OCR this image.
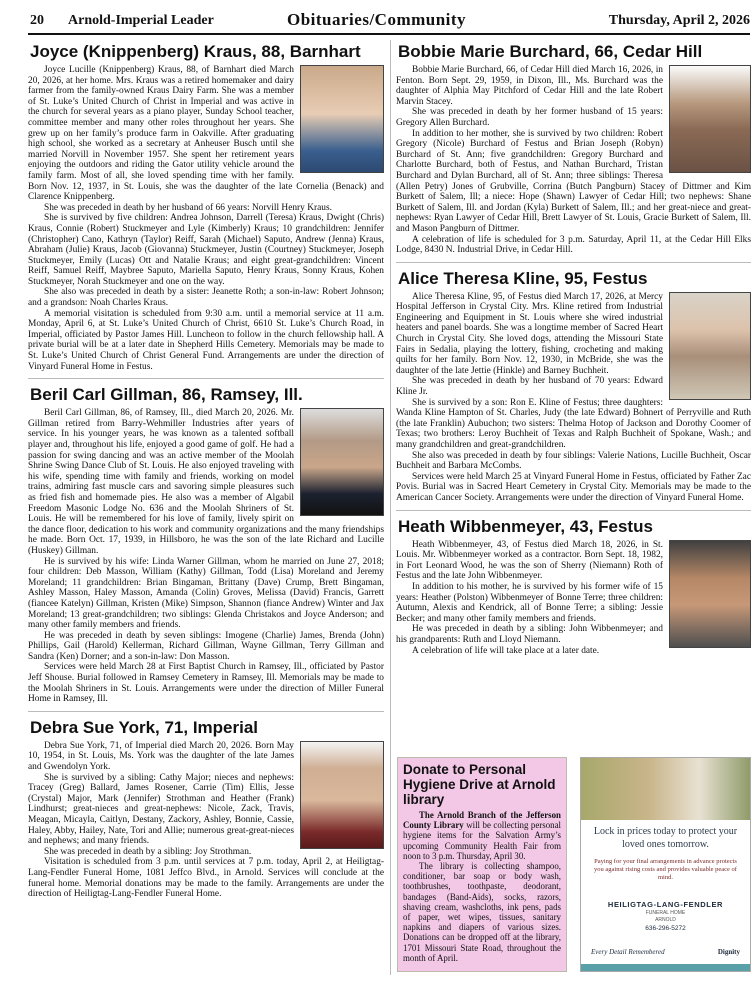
20 Arnold-Imperial Leader	Obituaries/Community	Thursday, April 2, 2026
Joyce (Knippenberg) Kraus, 88, Barnhart

Joyce Lucille (Knippenberg) Kraus, 88, of Barnhart died March 20, 2026, at her home. Mrs. Kraus was a retired homemaker and dairy farmer from the family-owned Kraus Dairy Farm. She was a member of St. Luke’s United Church of Christ in Imperial and was active in the church for several years as a piano player, Sunday School teacher, committee member and many other roles throughout her years. She grew up on her family’s produce farm in Oakville. After graduating high school, she worked as a secretary at Anheuser Busch until she married Norvill in November 1957. She spent her retirement years enjoying the outdoors and riding the Gator utility vehicle around the family farm. Most of all, she loved spending time with her family. Born Nov. 12, 1937, in St. Louis, she was the daughter of the late Cornelia (Benack) and Clarence Knippenberg.

She was preceded in death by her husband of 66 years: Norvill Henry Kraus.

She is survived by five children: Andrea Johnson, Darrell (Teresa) Kraus, Dwight (Chris) Kraus, Connie (Robert) Stuckmeyer and Lyle (Kimberly) Kraus; 10 grandchildren: Jennifer (Christopher) Cano, Kathryn (Taylor) Reiff, Sarah (Michael) Saputo, Andrew (Jenna) Kraus, Abraham (Julie) Kraus, Jacob (Giovanna) Stuckmeyer, Justin (Courtney) Stuckmeyer, Joseph Stuckmeyer, Emily (Lucas) Ott and Natalie Kraus; and eight great-grandchildren: Vincent Reiff, Samuel Reiff, Maybree Saputo, Mariella Saputo, Henry Kraus, Sonny Kraus, Kohen Stuckmeyer, Norah Stuckmeyer and one on the way.

She also was preceded in death by a sister: Jeanette Roth; a son-in-law: Robert Johnson; and a grandson: Noah Charles Kraus.

A memorial visitation is scheduled from 9:30 a.m. until a memorial service at 11 a.m. Monday, April 6, at St. Luke’s United Church of Christ, 6610 St. Luke’s Church Road, in Imperial, officiated by Pastor James Hill. Luncheon to follow in the church fellowship hall. A private burial will be at a later date in Shepherd Hills Cemetery. Memorials may be made to St. Luke’s United Church of Christ General Fund. Arrangements are under the direction of Vinyard Funeral Home in Festus.

Beril Carl Gillman, 86, Ramsey, Ill.

Beril Carl Gillman, 86, of Ramsey, Ill., died March 20, 2026. Mr. Gillman retired from Barry-Wehmiller Industries after years of service. In his younger years, he was known as a talented softball player and, throughout his life, enjoyed a good game of golf. He had a passion for swing dancing and was an active member of the Moolah Shrine Swing Dance Club of St. Louis. He also enjoyed traveling with his wife, spending time with family and friends, working on model trains, admiring fast muscle cars and savoring simple pleasures such as fried fish and homemade pies. He also was a member of Algabil Freedom Masonic Lodge No. 636 and the Moolah Shriners of St. Louis. He will be remembered for his love of family, lively spirit on the dance floor, dedication to his work and community organizations and the many friendships he made. Born Oct. 17, 1939, in Hillsboro, he was the son of the late Richard and Lucille (Huskey) Gillman.

He is survived by his wife: Linda Warner Gillman, whom he married on June 27, 2018; four children: Deb Masson, William (Kathy) Gillman, Todd (Lisa) Moreland and Jeremy Moreland; 11 grandchildren: Brian Bingaman, Brittany (Dave) Crump, Brett Bingaman, Ashley Masson, Haley Masson, Amanda (Colin) Groves, Melissa (David) Francis, Garrett (fiancee Katelyn) Gillman, Kristen (Mike) Simpson, Shannon (fiance Andrew) Winter and Jax Moreland; 13 great-grandchildren; two siblings: Glenda Christakos and Joyce Anderson; and many other family members and friends.

He was preceded in death by seven siblings: Imogene (Charlie) James, Brenda (John) Phillips, Gail (Harold) Kellerman, Richard Gillman, Wayne Gillman, Terry Gillman and Sandra (Ken) Dorner; and a son-in-law: Don Masson.

Services were held March 28 at First Baptist Church in Ramsey, Ill., officiated by Pastor Jeff Shouse. Burial followed in Ramsey Cemetery in Ramsey, Ill. Memorials may be made to the Moolah Shriners in St. Louis. Arrangements were under the direction of Miller Funeral Home in Ramsey, Ill.

Debra Sue York, 71, Imperial

Debra Sue York, 71, of Imperial died March 20, 2026. Born May 10, 1954, in St. Louis, Ms. York was the daughter of the late James and Gwendolyn York.

She is survived by a sibling: Cathy Major; nieces and nephews: Tracey (Greg) Ballard, James Rosener, Carrie (Tim) Ellis, Jesse (Crystal) Major, Mark (Jennifer) Strothman and Heather (Frank) Lindhurst; great-nieces and great-nephews: Nicole, Zack, Travis, Meagan, Micayla, Caitlyn, Destany, Zackory, Ashley, Bonnie, Cassie, Haley, Abby, Hailey, Nate, Tori and Allie; numerous great-great-nieces and nephews; and many friends.

She was preceded in death by a sibling: Joy Strothman.

Visitation is scheduled from 3 p.m. until services at 7 p.m. today, April 2, at Heiligtag-Lang-Fendler Funeral Home, 1081 Jeffco Blvd., in Arnold. Services will conclude at the funeral home. Memorial donations may be made to the family. Arrangements are under the direction of Heiligtag-Lang-Fendler Funeral Home.

Bobbie Marie Burchard, 66, Cedar Hill

Bobbie Marie Burchard, 66, of Cedar Hill died March 16, 2026, in Fenton. Born Sept. 29, 1959, in Dixon, Ill., Ms. Burchard was the daughter of Alphia May Pitchford of Cedar Hill and the late Robert Marvin Stacey.

She was preceded in death by her former husband of 15 years: Gregory Allen Burchard.

In addition to her mother, she is survived by two children: Robert Gregory (Nicole) Burchard of Festus and Brian Joseph (Robyn) Burchard of St. Ann; five grandchildren: Gregory Burchard and Charlotte Burchard, both of Festus, and Nathan Burchard, Tristan Burchard and Dylan Burchard, all of St. Ann; three siblings: Theresa (Allen Petry) Jones of Grubville, Corrina (Butch Pangburn) Stacey of Dittmer and Kim Burkett of Salem, Ill; a niece: Hope (Shawn) Lawyer of Cedar Hill; two nephews: Shane Burkett of Salem, Ill. and Jordan (Kyla) Burkett of Salem, Ill.; and her great-niece and great-nephews: Ryan Lawyer of Cedar Hill, Brett Lawyer of St. Louis, Gracie Burkett of Salem, Ill. and Mason Pangburn of Dittmer.

A celebration of life is scheduled for 3 p.m. Saturday, April 11, at the Cedar Hill Elks Lodge, 8430 N. Industrial Drive, in Cedar Hill.

Alice Theresa Kline, 95, Festus

Alice Theresa Kline, 95, of Festus died March 17, 2026, at Mercy Hospital Jefferson in Crystal City. Mrs. Kline retired from Industrial Engineering and Equipment in St. Louis where she wired industrial heaters and panel boards. She was a longtime member of Sacred Heart Church in Crystal City. She loved dogs, attending the Missouri State Fairs in Sedalia, playing the lottery, fishing, crocheting and making quilts for her family. Born Nov. 12, 1930, in McBride, she was the daughter of the late Jettie (Hinkle) and Barney Buchheit.

She was preceded in death by her husband of 70 years: Edward Kline Jr.

She is survived by a son: Ron E. Kline of Festus; three daughters: Wanda Kline Hampton of St. Charles, Judy (the late Edward) Bohnert of Perryville and Ruth (the late Franklin) Aubuchon; two sisters: Thelma Hotop of Jackson and Dorothy Coomer of Texas; two brothers: Leroy Buchheit of Texas and Ralph Buchheit of Spokane, Wash.; and many grandchildren and great-grandchildren.

She also was preceded in death by four siblings: Valerie Nations, Lucille Buchheit, Oscar Buchheit and Barbara McCombs.

Services were held March 25 at Vinyard Funeral Home in Festus, officiated by Father Zac Povis. Burial was in Sacred Heart Cemetery in Crystal City. Memorials may be made to the American Cancer Society. Arrangements were under the direction of Vinyard Funeral Home.

Heath Wibbenmeyer, 43, Festus

Heath Wibbenmeyer, 43, of Festus died March 18, 2026, in St. Louis. Mr. Wibbenmeyer worked as a contractor. Born Sept. 18, 1982, in Fort Leonard Wood, he was the son of Sherry (Niemann) Roth of Festus and the late John Wibbenmeyer.

In addition to his mother, he is survived by his former wife of 15 years: Heather (Polston) Wibbenmeyer of Bonne Terre; three children: Autumn, Alexis and Kendrick, all of Bonne Terre; a sibling: Jessie Becker; and many other family members and friends.

He was preceded in death by a sibling: John Wibbenmeyer; and his grandparents: Ruth and Lloyd Niemann.

A celebration of life will take place at a later date.

Donate to Personal Hygiene Drive at Arnold library

The Arnold Branch of the Jefferson County Library will be collecting personal hygiene items for the Salvation Army’s upcoming Community Health Fair from noon to 3 p.m. Thursday, April 30.

The library is collecting shampoo, conditioner, bar soap or body wash, toothbrushes, toothpaste, deodorant, bandages (Band-Aids), socks, razors, shaving cream, washcloths, ink pens, pads of paper, wet wipes, tissues, sanitary napkins and diapers of various sizes. Donations can be dropped off at the library, 1701 Missouri State Road, throughout the month of April.

Lock in prices today to protect your loved ones tomorrow.
Paying for your final arrangements in advance protects you against rising costs and provides valuable peace of mind.
HEILIGTAG-LANG-FENDLER
FUNERAL HOME
ARNOLD
636-296-5272
Every Detail Remembered	Dignity
